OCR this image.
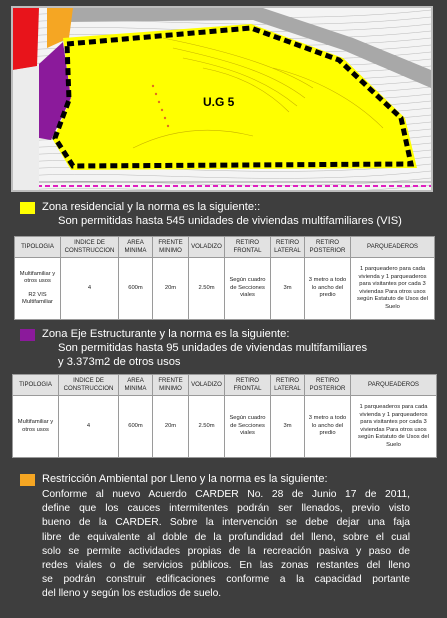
U.G 5
Zona residencial y la norma es la siguiente::
Son permitidas hasta 545 unidades de viviendas multifamiliares (VIS)
TIPOLOGIA	INDICE DE CONSTRUCCION	AREA MINIMA	FRENTE MINIMO	VOLADIZO	RETIRO FRONTAL	RETIRO LATERAL	RETIRO POSTERIOR	PARQUEADEROS

Multifamiliar y otros usos
R2 VIS Multifamiliar	4	600m	20m	2.50m	Según cuadro de Secciones viales	3m	3 metro a todo lo ancho del predio	1 parqueadero para cada vivienda y 1 parqueaderos para visitantes por cada 3 viviendas Para otros usos según Estatuto de Usos del Suelo
Zona Eje Estructurante y la norma es la siguiente:
Son permitidas hasta 95 unidades de viviendas multifamiliares
y 3.373m2 de otros usos
TIPOLOGIA	INDICE DE CONSTRUCCION	AREA MINIMA	FRENTE MINIMO	VOLADIZO	RETIRO FRONTAL	RETIRO LATERAL	RETIRO POSTERIOR	PARQUEADEROS
Multifamiliar y otros usos	4	600m	20m	2.50m	Según cuadro de Secciones viales	3m	3 metro a todo lo ancho del predio	1 parqueaderos para cada vivienda y 1 parqueaderos para visitantes por cada 3 viviendas Para otros usos según Estatuto de Usos del Suelo
Restricción Ambiental por Lleno y la norma es la siguiente:
Conforme al nuevo Acuerdo CARDER No. 28 de Junio 17 de 2011,
define que los cauces intermitentes podrán ser llenados, previo visto
bueno de la CARDER. Sobre la intervención se debe dejar una faja
libre de equivalente al doble de la profundidad del lleno, sobre el cual
solo se permite actividades propias de la recreación pasiva y paso de
redes viales o de servicios públicos. En las zonas restantes del lleno
se podrán construir edificaciones conforme a la capacidad portante
del lleno y según los estudios de suelo.
